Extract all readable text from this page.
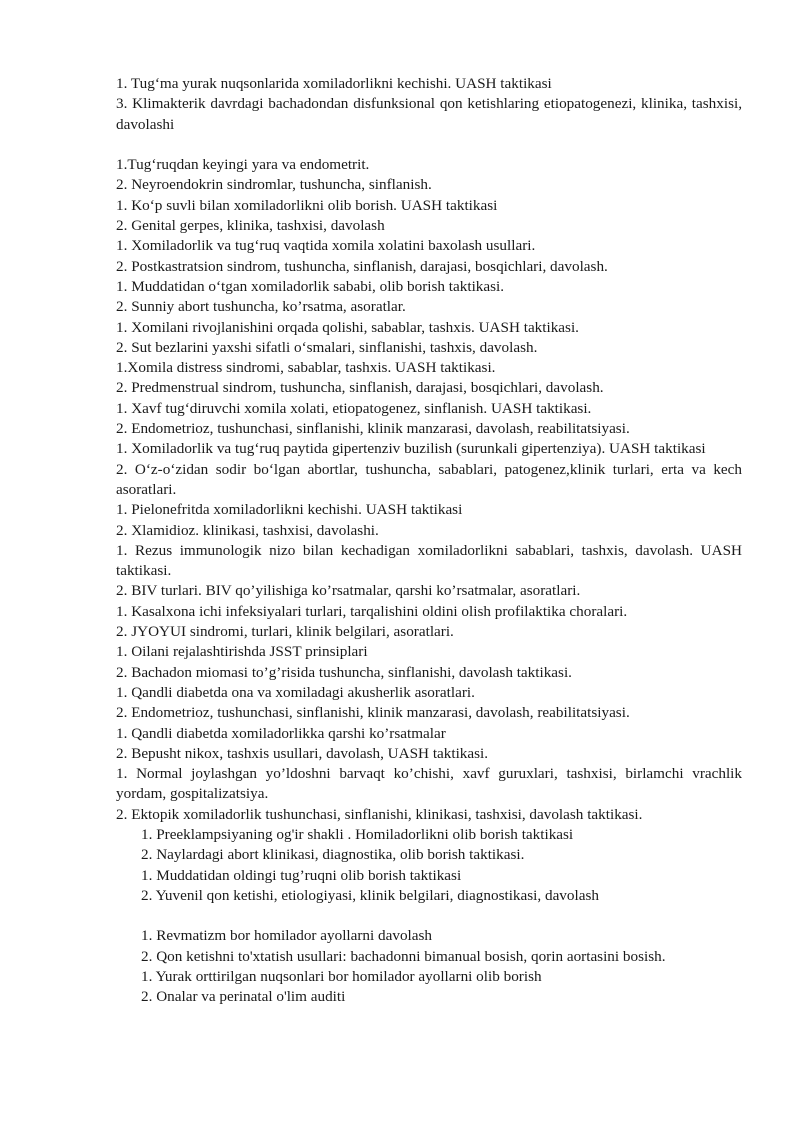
1. Tug‘ma yurak nuqsonlarida xomiladorlikni kechishi. UASH taktikasi

3. Klimakterik davrdagi bachadondan disfunksional qon ketishlaring etiopatogenezi, klinika, tashxisi, davolashi

1.Tug‘ruqdan keyingi yara va endometrit.

2. Neyroendokrin sindromlar, tushuncha, sinflanish.

1. Ko‘p suvli bilan xomiladorlikni olib borish. UASH taktikasi

2. Genital gerpes, klinika, tashxisi, davolash

1. Xomiladorlik va tug‘ruq vaqtida xomila xolatini baxolash usullari.

2. Postkastratsion sindrom, tushuncha, sinflanish, darajasi, bosqichlari, davolash.

1. Muddatidan o‘tgan xomiladorlik sababi, olib borish taktikasi.

2. Sunniy abort tushuncha, ko’rsatma, asoratlar.

1. Xomilani rivojlanishini orqada qolishi, sabablar, tashxis. UASH taktikasi.

2. Sut bezlarini yaxshi sifatli o‘smalari, sinflanishi, tashxis, davolash.

1.Xomila distress sindromi, sabablar, tashxis. UASH taktikasi.

2. Predmenstrual sindrom, tushuncha, sinflanish, darajasi, bosqichlari, davolash.

1. Xavf tug‘diruvchi xomila xolati, etiopatogenez, sinflanish. UASH taktikasi.

2. Endometrioz, tushunchasi, sinflanishi, klinik manzarasi, davolash, reabilitatsiyasi.

1. Xomiladorlik va tug‘ruq paytida gipertenziv buzilish (surunkali gipertenziya). UASH taktikasi

2. O‘z-o‘zidan sodir bo‘lgan abortlar, tushuncha, sabablari, patogenez,klinik turlari, erta va kech asoratlari.

1. Pielonefritda xomiladorlikni kechishi. UASH taktikasi

2. Xlamidioz. klinikasi, tashxisi, davolashi.

1. Rezus immunologik nizo bilan kechadigan xomiladorlikni sabablari, tashxis, davolash. UASH taktikasi.

2. BIV turlari. BIV qo’yilishiga ko’rsatmalar, qarshi ko’rsatmalar, asoratlari.

1. Kasalxona ichi infeksiyalari turlari, tarqalishini oldini olish profilaktika choralari.

2. JYOYUI sindromi, turlari, klinik belgilari, asoratlari.

1. Oilani rejalashtirishda JSST prinsiplari

2. Bachadon miomasi to’g’risida tushuncha, sinflanishi, davolash taktikasi.

1. Qandli diabetda ona va xomiladagi akusherlik asoratlari.

2. Endometrioz, tushunchasi, sinflanishi, klinik manzarasi, davolash, reabilitatsiyasi.

1. Qandli diabetda xomiladorlikka qarshi ko’rsatmalar

2. Bepusht nikox, tashxis usullari, davolash, UASH taktikasi.

1. Normal joylashgan yo’ldoshni barvaqt ko’chishi, xavf guruxlari, tashxisi, birlamchi vrachlik yordam, gospitalizatsiya.

2. Ektopik xomiladorlik tushunchasi, sinflanishi, klinikasi, tashxisi, davolash taktikasi.

1. Preeklampsiyaning og'ir shakli . Homiladorlikni olib borish taktikasi

2. Naylardagi abort klinikasi, diagnostika, olib borish taktikasi.

1. Muddatidan oldingi tug’ruqni olib borish taktikasi

2. Yuvenil qon ketishi, etiologiyasi, klinik belgilari, diagnostikasi, davolash

1. Revmatizm bor homilador ayollarni davolash

2. Qon ketishni to'xtatish usullari: bachadonni bimanual bosish, qorin aortasini bosish.

1. Yurak orttirilgan nuqsonlari bor homilador ayollarni olib borish

2. Onalar va perinatal o'lim auditi
